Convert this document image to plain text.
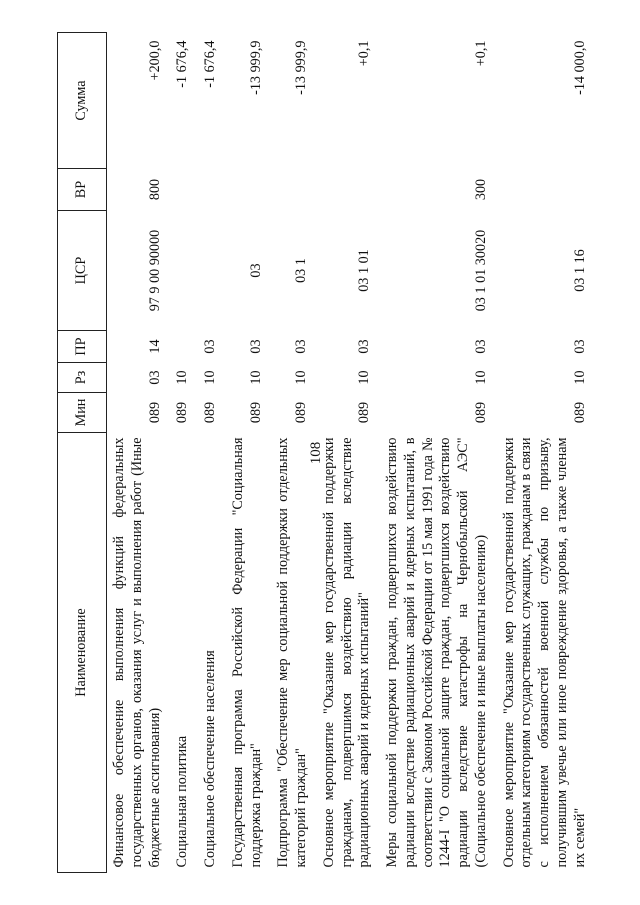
108
Наименование	Мин	Рз	ПР	ЦСР	ВР	Сумма
Финансовое обеспечение выполнения функций федеральных государственных органов, оказания услуг и выполнения работ (Иные бюджетные ассигнования)	089	03	14	97 9 00 90000	800	+200,0
Социальная политика	089	10				-1 676,4
Социальное обеспечение населения	089	10	03			-1 676,4
Государственная программа Российской Федерации "Социальная поддержка граждан"	089	10	03	03		-13 999,9
Подпрограмма "Обеспечение мер социальной поддержки отдельных категорий граждан"	089	10	03	03 1		-13 999,9
Основное мероприятие "Оказание мер государственной поддержки гражданам, подвергшимся воздействию радиации вследствие радиационных аварий и ядерных испытаний"	089	10	03	03 1 01		+0,1
Меры социальной поддержки граждан, подвергшихся воздействию радиации вследствие радиационных аварий и ядерных испытаний, в соответствии с Законом Российской Федерации от 15 мая 1991 года № 1244-I "О социальной защите граждан, подвергшихся воздействию радиации вследствие катастрофы на Чернобыльской АЭС" (Социальное обеспечение и иные выплаты населению)	089	10	03	03 1 01 30020	300	+0,1
Основное мероприятие "Оказание мер государственной поддержки отдельным категориям государственных служащих, гражданам в связи с исполнением обязанностей военной службы по призыву, получившим увечье или иное повреждение здоровья, а также членам их семей"	089	10	03	03 1 16		-14 000,0
